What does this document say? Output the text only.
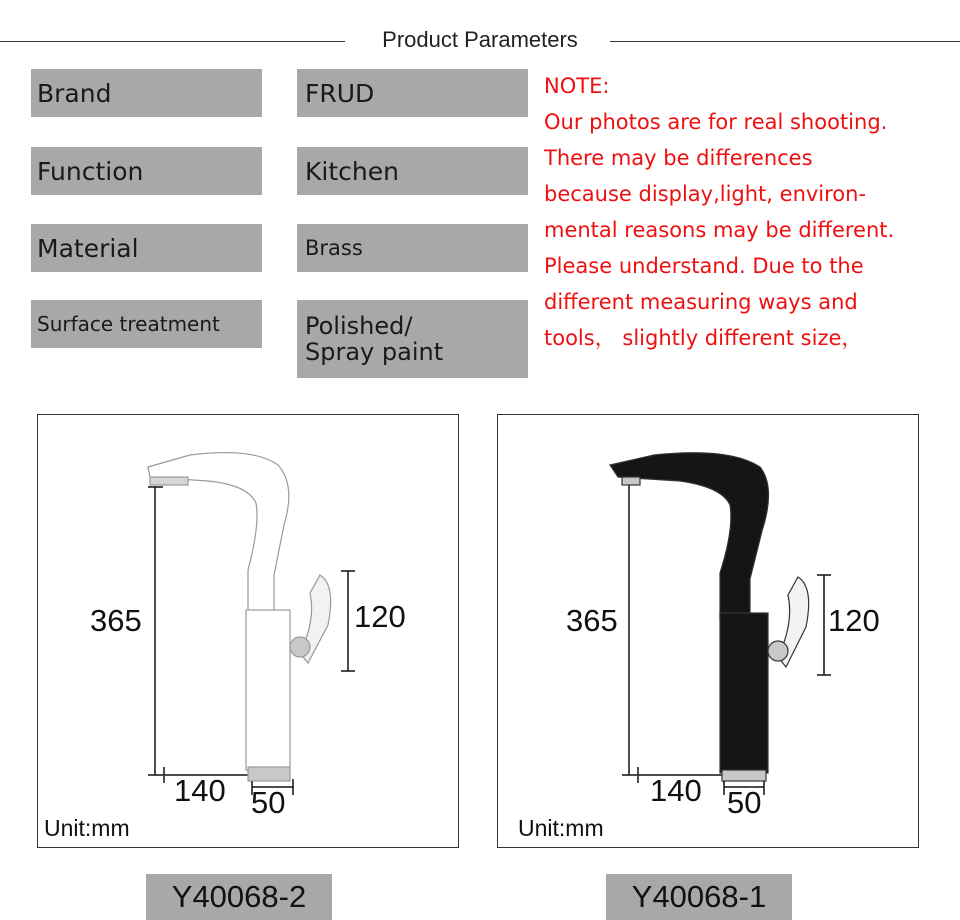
Product Parameters
Brand	FRUD
Function	Kitchen
Material	Brass
Surface treatment	Polished/ Spray paint
NOTE:
Our photos are for real shooting.
There may be differences
because display,light, environ-
mental reasons may be different.
Please understand. Due to the
different measuring ways and
tools， slightly different size，
365	120
140 50
Unit:mm
365	120
140 50
Unit:mm
Y40068-2	Y40068-1
